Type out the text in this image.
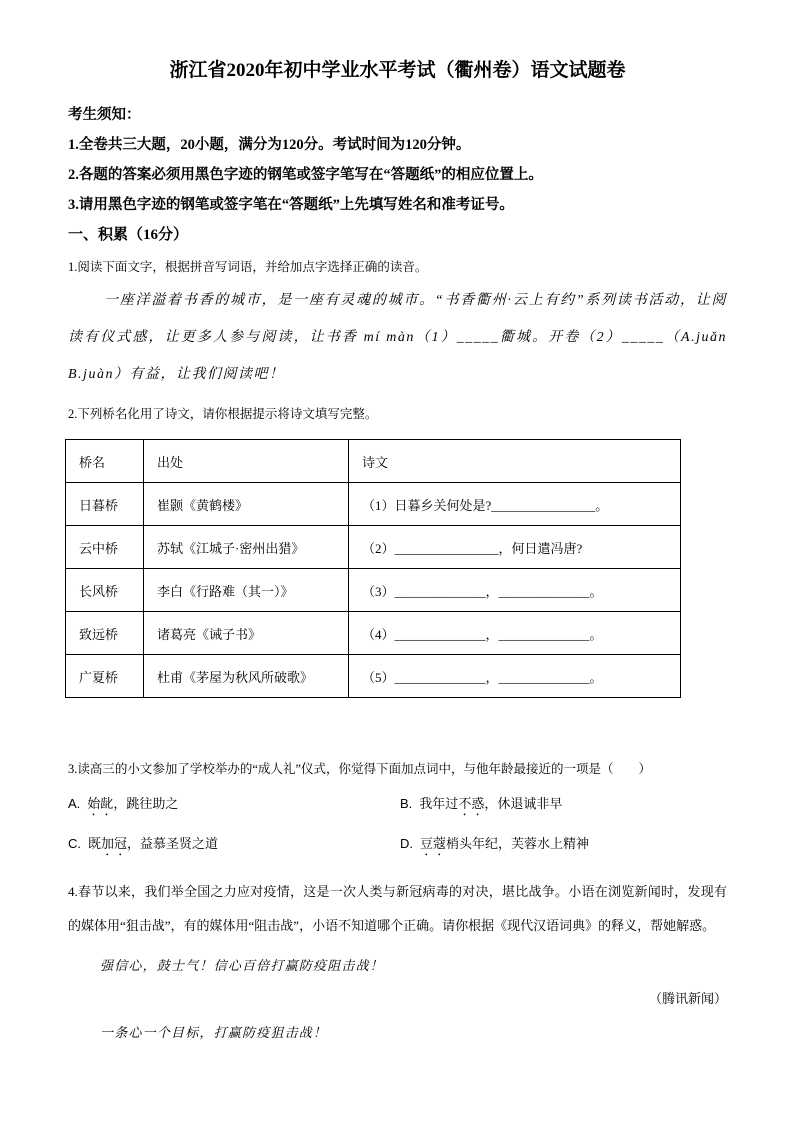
浙江省2020年初中学业水平考试（衢州卷）语文试题卷
考生须知：
1.全卷共三大题，20小题，满分为120分。考试时间为120分钟。
2.各题的答案必须用黑色字迹的钢笔或签字笔写在“答题纸”的相应位置上。
3.请用黑色字迹的钢笔或签字笔在“答题纸”上先填写姓名和准考证号。
一、积累（16分）
1.阅读下面文字，根据拼音写词语，并给加点字选择正确的读音。
一座洋溢着书香的城市，是一座有灵魂的城市。“书香衢州·云上有约”系列读书活动，让阅读有仪式感，让更多人参与阅读，让书香 mí màn（1）_____衢城。开卷（2）_____（A.juǎn　B.juàn）有益，让我们阅读吧！
2.下列桥名化用了诗文，请你根据提示将诗文填写完整。
桥名	出处	诗文
日暮桥	崔颢《黄鹤楼》	（1）日暮乡关何处是?________________。
云中桥	苏轼《江城子·密州出猎》	（2）________________，何日遣冯唐?
长风桥	李白《行路难（其一）》	（3）______________，______________。
致远桥	诸葛亮《诫子书》	（4）______________，______________。
广夏桥	杜甫《茅屋为秋风所破歌》	（5）______________，______________。
3.读高三的小文参加了学校举办的“成人礼”仪式，你觉得下面加点词中，与他年龄最接近的一项是（　　）
A. 始龀，跳往助之	B. 我年过不惑，休退诚非早
C. 既加冠，益慕圣贤之道	D. 豆蔻梢头年纪，芙蓉水上精神
4.春节以来，我们举全国之力应对疫情，这是一次人类与新冠病毒的对决，堪比战争。小语在浏览新闻时，发现有的媒体用“狙击战”，有的媒体用“阻击战”，小语不知道哪个正确。请你根据《现代汉语词典》的释义，帮她解惑。
强信心，鼓士气！信心百倍打赢防疫阻击战！
（腾讯新闻）
一条心一个目标，打赢防疫狙击战！
